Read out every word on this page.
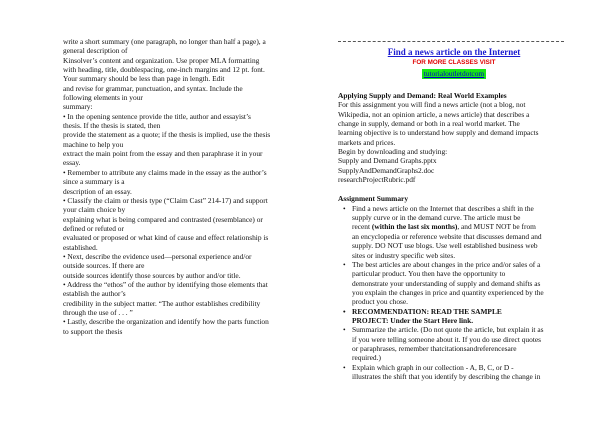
write a short summary (one paragraph, no longer than half a page), a

general description of

Kinsolver’s content and organization. Use proper MLA formatting

with heading, title, doublespacing, one-inch margins and 12 pt. font.

Your summary should be less than page in length. Edit

and revise for grammar, punctuation, and syntax. Include the

following elements in your

summary:

• In the opening sentence provide the title, author and essayist’s

thesis. If the thesis is stated, then

provide the statement as a quote; if the thesis is implied, use the thesis

machine to help you

extract the main point from the essay and then paraphrase it in your

essay.

• Remember to attribute any claims made in the essay as the author’s

since a summary is a

description of an essay.

• Classify the claim or thesis type (“Claim Cast” 214-17) and support

your claim choice by

explaining what is being compared and contrasted (resemblance) or

defined or refuted or

evaluated or proposed or what kind of cause and effect relationship is

established.

• Next, describe the evidence used—personal experience and/or

outside sources. If there are

outside sources identify those sources by author and/or title.

• Address the “ethos” of the author by identifying those elements that

establish the author’s

credibility in the subject matter. “The author establishes credibility

through the use of . . . ”

• Lastly, describe the organization and identify how the parts function

to support the thesis

Find a news article on the Internet
FOR MORE CLASSES VISIT
tutorialoutletdotcom
Applying Supply and Demand: Real World Examples
For this assignment you will find a news article (not a blog, not
Wikipedia, not an opinion article, a news article) that describes a
change in supply, demand or both in a real world market. The
learning objective is to understand how supply and demand impacts
markets and prices.
Begin by downloading and studying:
Supply and Demand Graphs.pptx
SupplyAndDemandGraphs2.doc
researchProjectRubric.pdf
Assignment Summary
• Find a news article on the Internet that describes a shift in the
supply curve or in the demand curve. The article must be
recent (within the last six months), and MUST NOT be from
an encyclopedia or reference website that discusses demand and
supply. DO NOT use blogs. Use well established business web
sites or industry specific web sites.
• The best articles are about changes in the price and/or sales of a
particular product. You then have the opportunity to
demonstrate your understanding of supply and demand shifts as
you explain the changes in price and quantity experienced by the
product you chose.
• RECOMMENDATION: READ THE SAMPLE
PROJECT: Under the Start Here link.
• Summarize the article. (Do not quote the article, but explain it as
if you were telling someone about it. If you do use direct quotes
or paraphrases, remember thatcitationsandreferencesare
required.)
• Explain which graph in our collection - A, B, C, or D -
illustrates the shift that you identify by describing the change in
